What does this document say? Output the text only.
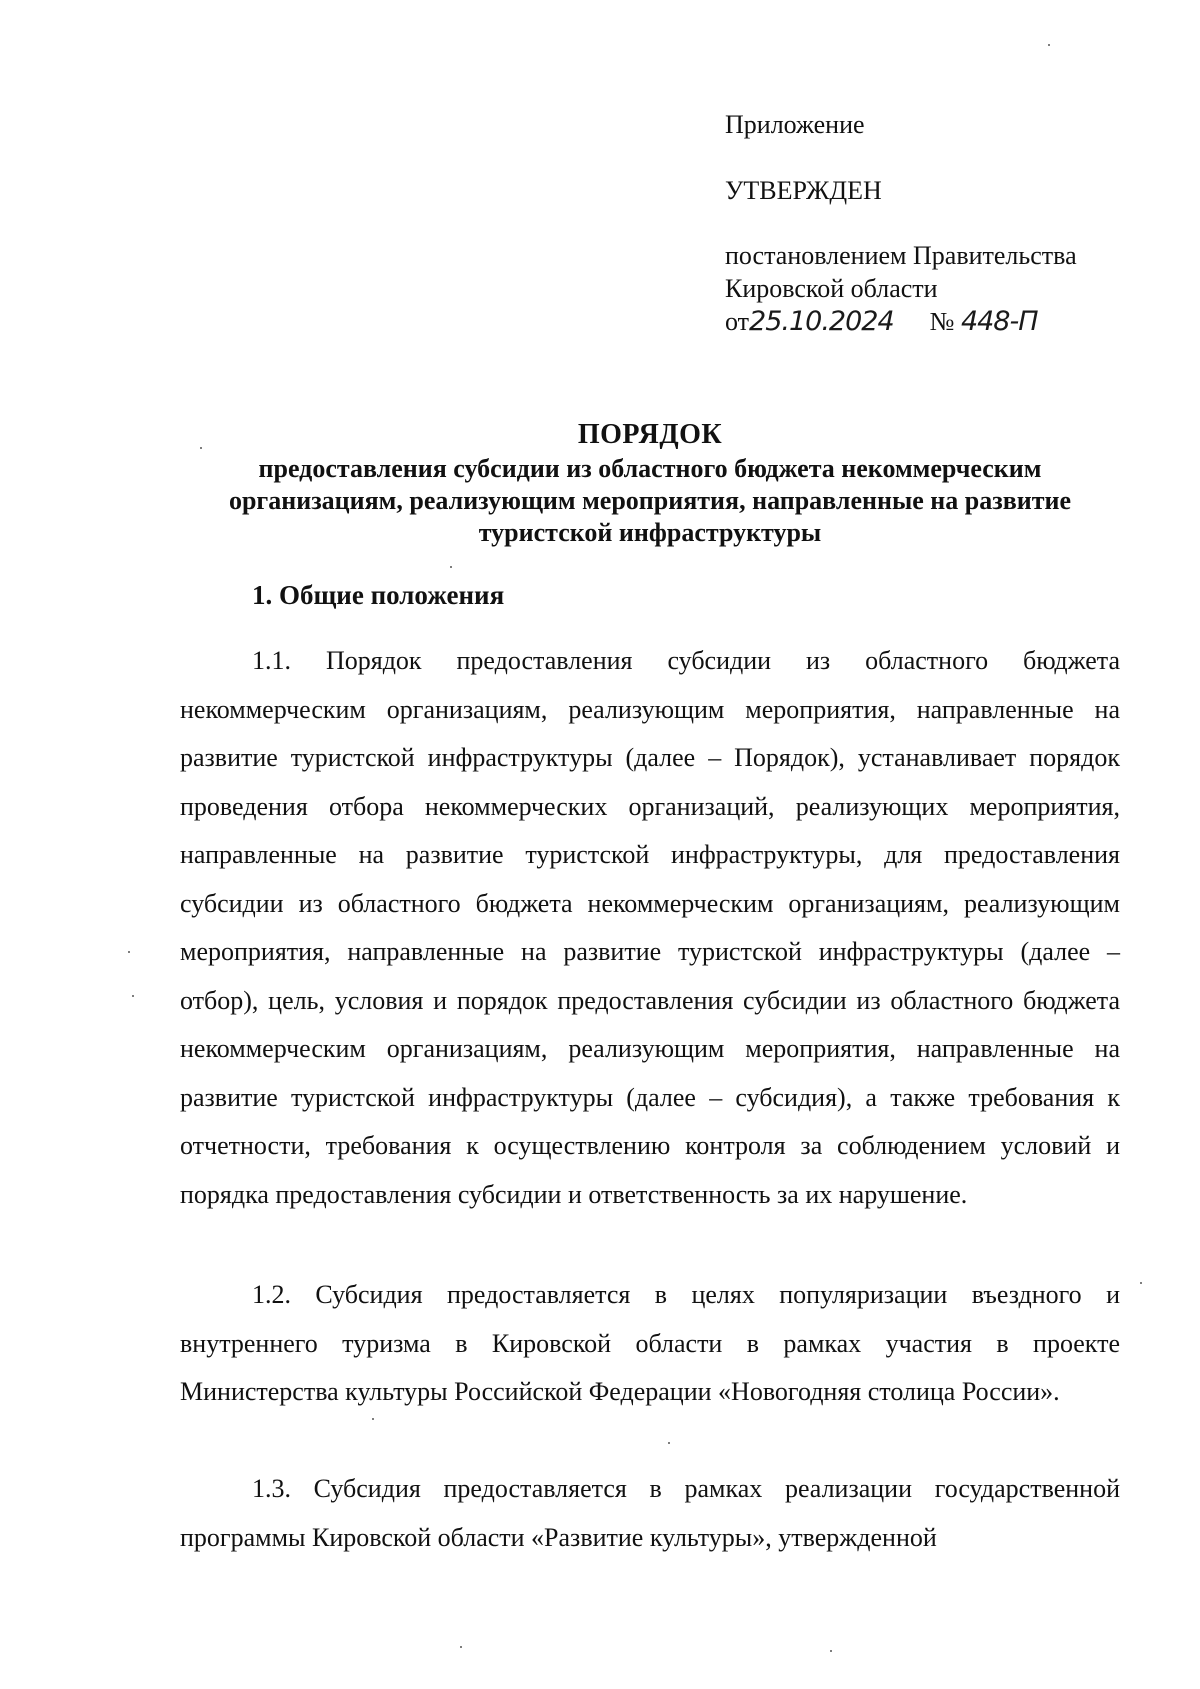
Приложение
УТВЕРЖДЕН
постановлением Правительства
Кировской области
от25.10.2024 № 448-П
ПОРЯДОК
предоставления субсидии из областного бюджета некоммерческим организациям, реализующим мероприятия, направленные на развитие туристской инфраструктуры
1. Общие положения

1.1. Порядок предоставления субсидии из областного бюджета некоммерческим организациям, реализующим мероприятия, направленные на развитие туристской инфраструктуры (далее – Порядок), устанавливает порядок проведения отбора некоммерческих организаций, реализующих мероприятия, направленные на развитие туристской инфраструктуры, для предоставления субсидии из областного бюджета некоммерческим организациям, реализующим мероприятия, направленные на развитие туристской инфраструктуры (далее – отбор), цель, условия и порядок предоставления субсидии из областного бюджета некоммерческим организациям, реализующим мероприятия, направленные на развитие туристской инфраструктуры (далее – субсидия), а также требования к отчетности, требования к осуществлению контроля за соблюдением условий и порядка предоставления субсидии и ответственность за их нарушение.

1.2. Субсидия предоставляется в целях популяризации въездного и внутреннего туризма в Кировской области в рамках участия в проекте Министерства культуры Российской Федерации «Новогодняя столица России».

1.3. Субсидия предоставляется в рамках реализации государственной программы Кировской области «Развитие культуры», утвержденной
